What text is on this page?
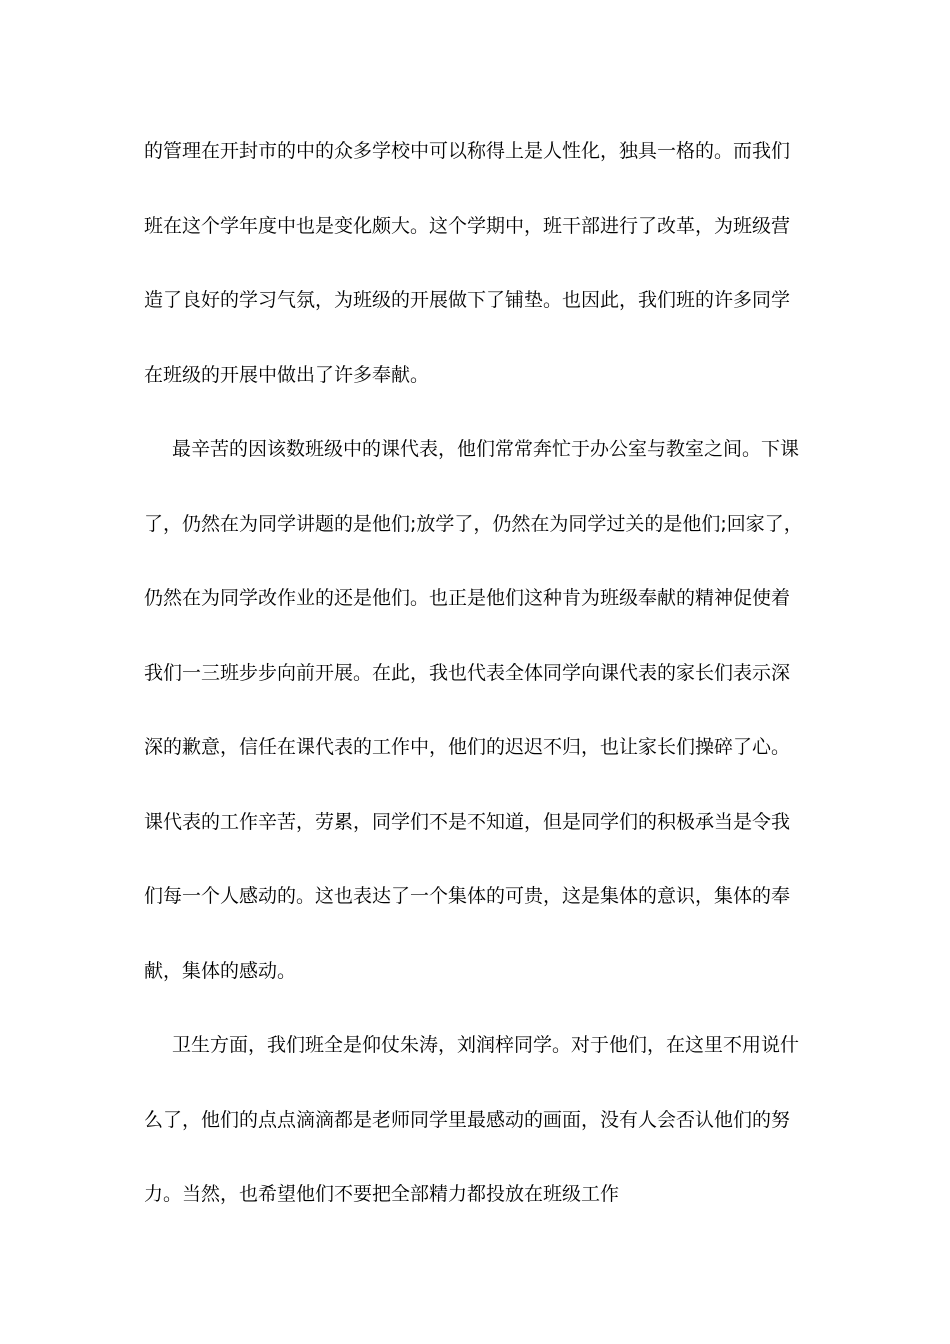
的管理在开封市的中的众多学校中可以称得上是人性化，独具一格的。而我们
班在这个学年度中也是变化颇大。这个学期中，班干部进行了改革，为班级营
造了良好的学习气氛，为班级的开展做下了铺垫。也因此，我们班的许多同学
在班级的开展中做出了许多奉献。

最辛苦的因该数班级中的课代表，他们常常奔忙于办公室与教室之间。下课
了，仍然在为同学讲题的是他们;放学了，仍然在为同学过关的是他们;回家了，
仍然在为同学改作业的还是他们。也正是他们这种肯为班级奉献的精神促使着
我们一三班步步向前开展。在此，我也代表全体同学向课代表的家长们表示深
深的歉意，信任在课代表的工作中，他们的迟迟不归，也让家长们操碎了心。
课代表的工作辛苦，劳累，同学们不是不知道，但是同学们的积极承当是令我
们每一个人感动的。这也表达了一个集体的可贵，这是集体的意识，集体的奉
献，集体的感动。

卫生方面，我们班全是仰仗朱涛，刘润梓同学。对于他们，在这里不用说什
么了，他们的点点滴滴都是老师同学里最感动的画面，没有人会否认他们的努
力。当然，也希望他们不要把全部精力都投放在班级工作
